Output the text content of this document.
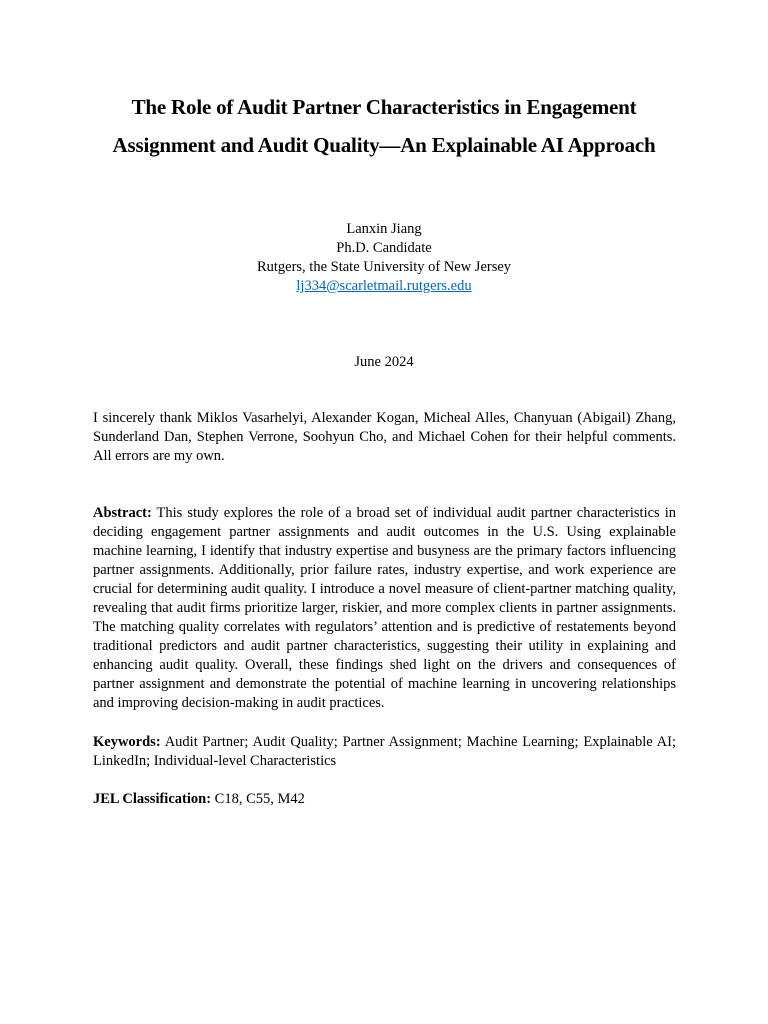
The Role of Audit Partner Characteristics in Engagement
Assignment and Audit Quality—An Explainable AI Approach
Lanxin Jiang
Ph.D. Candidate
Rutgers, the State University of New Jersey
lj334@scarletmail.rutgers.edu
June 2024

I sincerely thank Miklos Vasarhelyi, Alexander Kogan, Micheal Alles, Chanyuan (Abigail) Zhang, Sunderland Dan, Stephen Verrone, Soohyun Cho, and Michael Cohen for their helpful comments. All errors are my own.

Abstract: This study explores the role of a broad set of individual audit partner characteristics in deciding engagement partner assignments and audit outcomes in the U.S. Using explainable machine learning, I identify that industry expertise and busyness are the primary factors influencing partner assignments. Additionally, prior failure rates, industry expertise, and work experience are crucial for determining audit quality. I introduce a novel measure of client-partner matching quality, revealing that audit firms prioritize larger, riskier, and more complex clients in partner assignments. The matching quality correlates with regulators’ attention and is predictive of restatements beyond traditional predictors and audit partner characteristics, suggesting their utility in explaining and enhancing audit quality. Overall, these findings shed light on the drivers and consequences of partner assignment and demonstrate the potential of machine learning in uncovering relationships and improving decision-making in audit practices.

Keywords: Audit Partner; Audit Quality; Partner Assignment; Machine Learning; Explainable AI; LinkedIn; Individual-level Characteristics

JEL Classification: C18, C55, M42
